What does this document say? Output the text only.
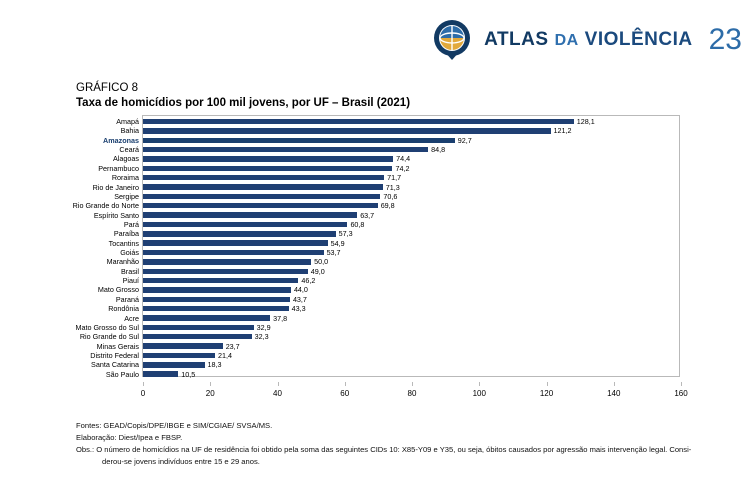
ATLAS DA VIOLÊNCIA 23
GRÁFICO 8
Taxa de homicídios por 100 mil jovens, por UF – Brasil (2021)
Amapá	128,1
Bahia	121,2
Amazonas	92,7
Ceará	84,8
Alagoas	74,4
Pernambuco	74,2
Roraima	71,7
Rio de Janeiro	71,3
Sergipe	70,6
Rio Grande do Norte	69,8
Espírito Santo	63,7
Pará	60,8
Paraíba	57,3
Tocantins	54,9
Goiás	53,7
Maranhão	50,0
Brasil	49,0
Piauí	46,2
Mato Grosso	44,0
Paraná	43,7
Rondônia	43,3
Acre	37,8
Mato Grosso do Sul	32,9
Rio Grande do Sul	32,3
Minas Gerais	23,7
Distrito Federal	21,4
Santa Catarina	18,3
São Paulo	10,5
0	20	40	60	80	100	120	140	160
Fontes: GEAD/Copis/DPE/IBGE e SIM/CGIAE/ SVSA/MS.
Elaboração: Diest/Ipea e FBSP.
Obs.: O número de homicídios na UF de residência foi obtido pela soma das seguintes CIDs 10: X85-Y09 e Y35, ou seja, óbitos causados por agressão mais intervenção legal. Consi-
derou-se jovens indivíduos entre 15 e 29 anos.
